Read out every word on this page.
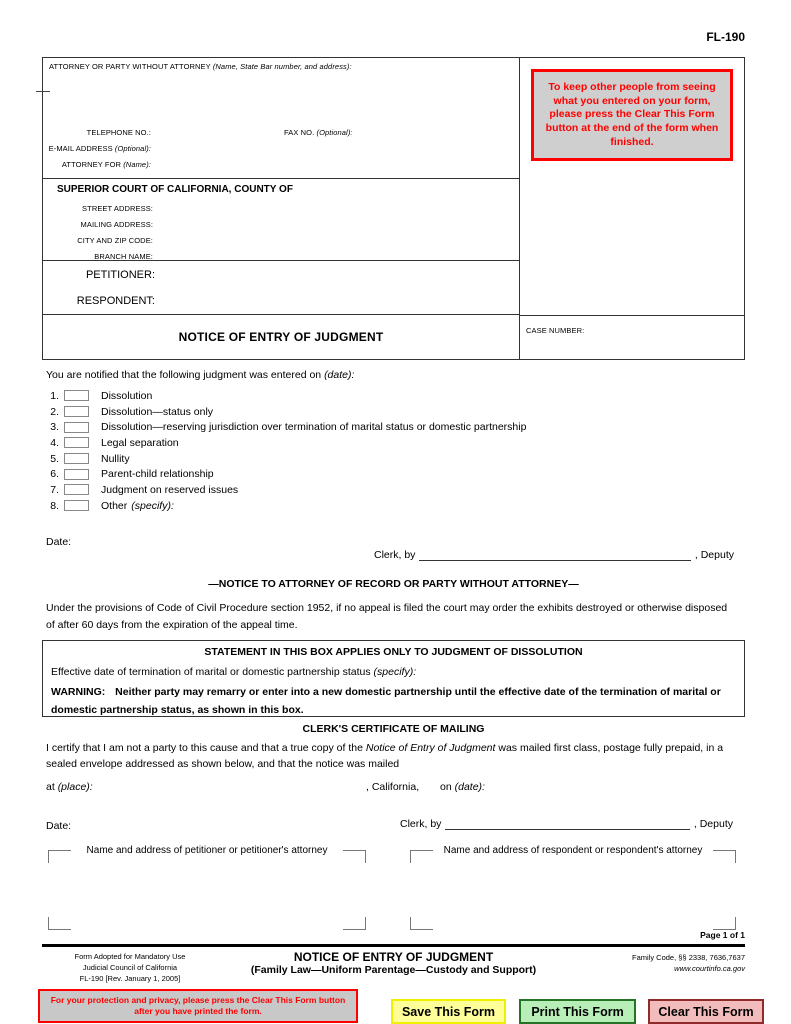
FL-190
ATTORNEY OR PARTY WITHOUT ATTORNEY (Name, State Bar number, and address):
TELEPHONE NO.:	FAX NO. (Optional):
E-MAIL ADDRESS (Optional):
ATTORNEY FOR (Name):
SUPERIOR COURT OF CALIFORNIA, COUNTY OF
STREET ADDRESS:
MAILING ADDRESS:
CITY AND ZIP CODE:
BRANCH NAME:
PETITIONER:
RESPONDENT:
NOTICE OF ENTRY OF JUDGMENT
To keep other people from seeing what you entered on your form, please press the Clear This Form button at the end of the form when finished.
CASE NUMBER:
You are notified that the following judgment was entered on (date):
1.	Dissolution
2.	Dissolution—status only
3.	Dissolution—reserving jurisdiction over termination of marital status or domestic partnership
4.	Legal separation
5.	Nullity
6.	Parent-child relationship
7.	Judgment on reserved issues
8.	Other (specify):
Date:
Clerk, by	, Deputy
—NOTICE TO ATTORNEY OF RECORD OR PARTY WITHOUT ATTORNEY—
Under the provisions of Code of Civil Procedure section 1952, if no appeal is filed the court may order the exhibits destroyed or otherwise disposed of after 60 days from the expiration of the appeal time.
STATEMENT IN THIS BOX APPLIES ONLY TO JUDGMENT OF DISSOLUTION
Effective date of termination of marital or domestic partnership status (specify):
WARNING: Neither party may remarry or enter into a new domestic partnership until the effective date of the termination of marital or domestic partnership status, as shown in this box.
CLERK'S CERTIFICATE OF MAILING
I certify that I am not a party to this cause and that a true copy of the Notice of Entry of Judgment was mailed first class, postage fully prepaid, in a sealed envelope addressed as shown below, and that the notice was mailed
at (place):	, California, on (date):
Date:	Clerk, by	, Deputy
Name and address of petitioner or petitioner's attorney	Name and address of respondent or respondent's attorney
Page 1 of 1
Form Adopted for Mandatory Use
Judicial Council of California
FL-190 [Rev. January 1, 2005]
NOTICE OF ENTRY OF JUDGMENT
(Family Law—Uniform Parentage—Custody and Support)
Family Code, §§ 2338, 7636,7637
www.courtinfo.ca.gov
For your protection and privacy, please press the Clear This Form button after you have printed the form.	Save This Form	Print This Form	Clear This Form
